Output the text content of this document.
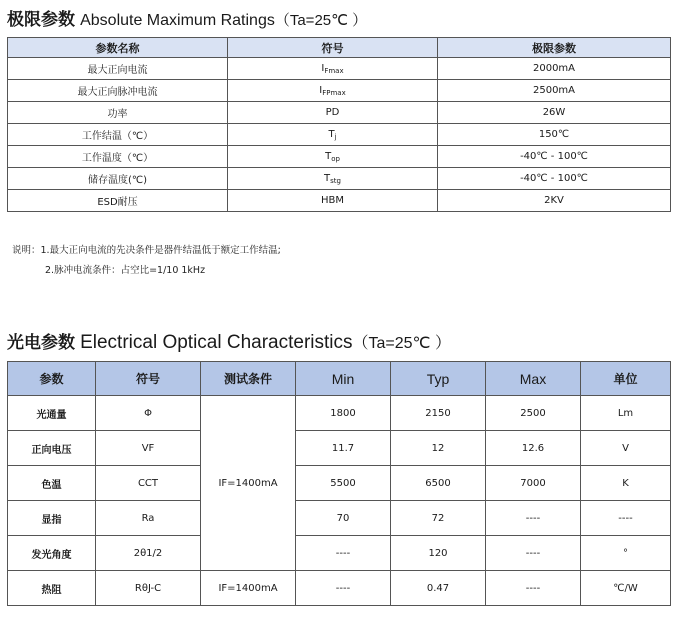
极限参数 Absolute Maximum Ratings（Ta=25℃ ）
参数名称	符号	极限参数
最大正向电流	$I_{Fmax}$	2000mA
最大正向脉冲电流	$I_{FPmax}$	2500mA
功率	PD	26W
工作结温（℃）	$T_j$	150℃
工作温度（℃）	$T_{op}$	-40℃ - 100℃
储存温度(℃)	$T_{stg}$	-40℃ - 100℃
ESD耐压	HBM	2KV
说明：1.最大正向电流的先决条件是器件结温低于额定工作结温;
2.脉冲电流条件：占空比=1/10 1kHz
光电参数 Electrical Optical Characteristics（Ta=25℃ ）
参数	符号	测试条件	Min	Typ	Max	单位
光通量	Φ	IF=1400mA	1800	2150	2500	Lm
正向电压	VF		11.7	12	12.6	V
色温	CCT		5500	6500	7000	K
显指	Ra		70	72	----	----
发光角度	2θ1/2		----	120	----	°
热阻	RθJ-C	IF=1400mA	----	0.47	----	℃/W
